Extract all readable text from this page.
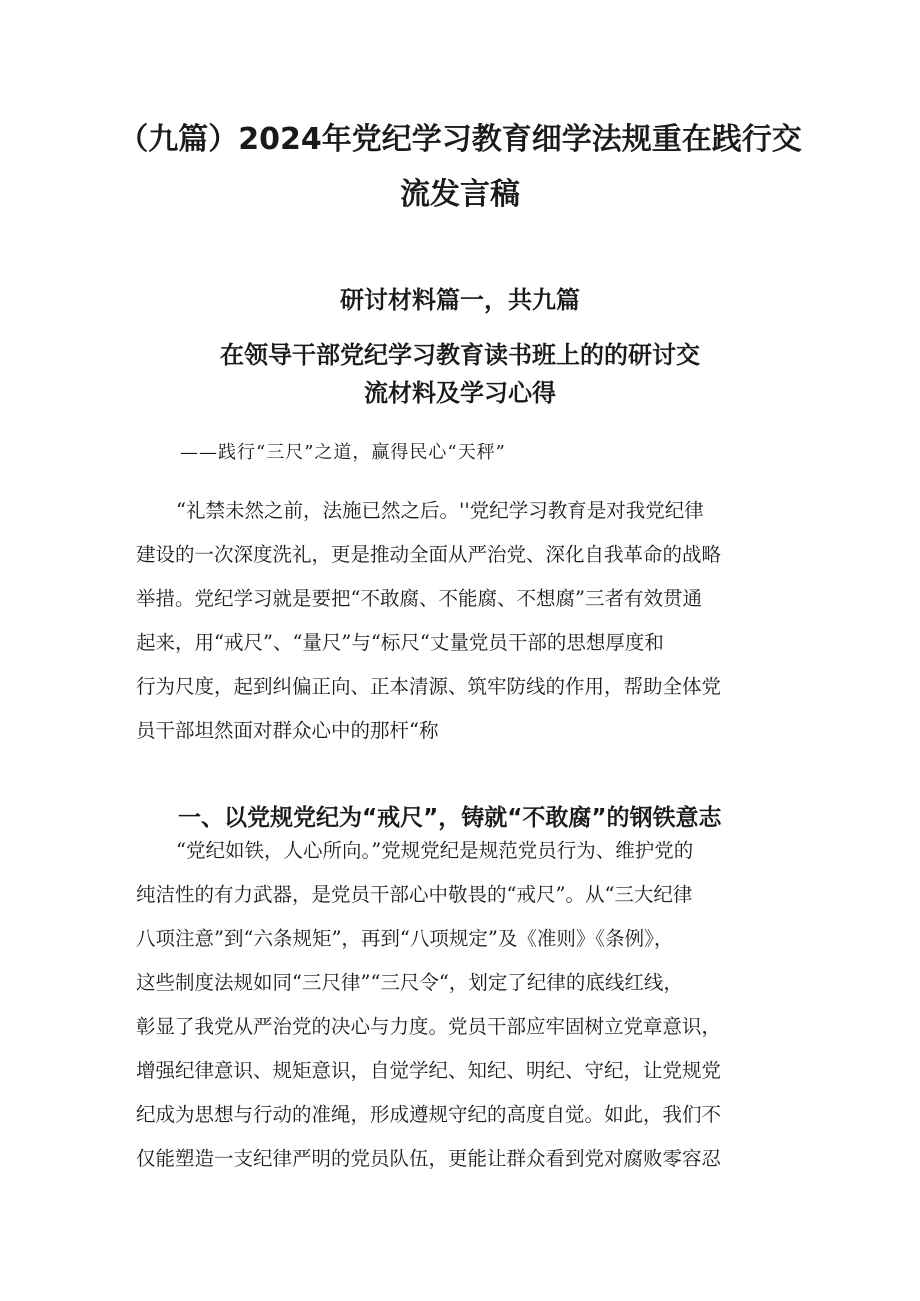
（九篇）2024年党纪学习教育细学法规重在践行交
流发言稿
研讨材料篇一，共九篇
在领导干部党纪学习教育读书班上的的研讨交
流材料及学习心得
——践行“三尺”之道，赢得民心“天秤”
“礼禁未然之前，法施已然之后。''党纪学习教育是对我党纪律
建设的一次深度洗礼，更是推动全面从严治党、深化自我革命的战略
举措。党纪学习就是要把“不敢腐、不能腐、不想腐”三者有效贯通
起来，用“戒尺”、“量尺”与“标尺“丈量党员干部的思想厚度和
行为尺度，起到纠偏正向、正本清源、筑牢防线的作用，帮助全体党
员干部坦然面对群众心中的那杆“称
一、以党规党纪为“戒尺”，铸就“不敢腐”的钢铁意志
“党纪如铁，人心所向。”党规党纪是规范党员行为、维护党的
纯洁性的有力武器，是党员干部心中敬畏的“戒尺”。从“三大纪律
八项注意”到“六条规矩”，再到“八项规定”及《准则》《条例》，
这些制度法规如同“三尺律”“三尺令“，划定了纪律的底线红线，
彰显了我党从严治党的决心与力度。党员干部应牢固树立党章意识，
增强纪律意识、规矩意识，自觉学纪、知纪、明纪、守纪，让党规党
纪成为思想与行动的准绳，形成遵规守纪的高度自觉。如此，我们不
仅能塑造一支纪律严明的党员队伍，更能让群众看到党对腐败零容忍
